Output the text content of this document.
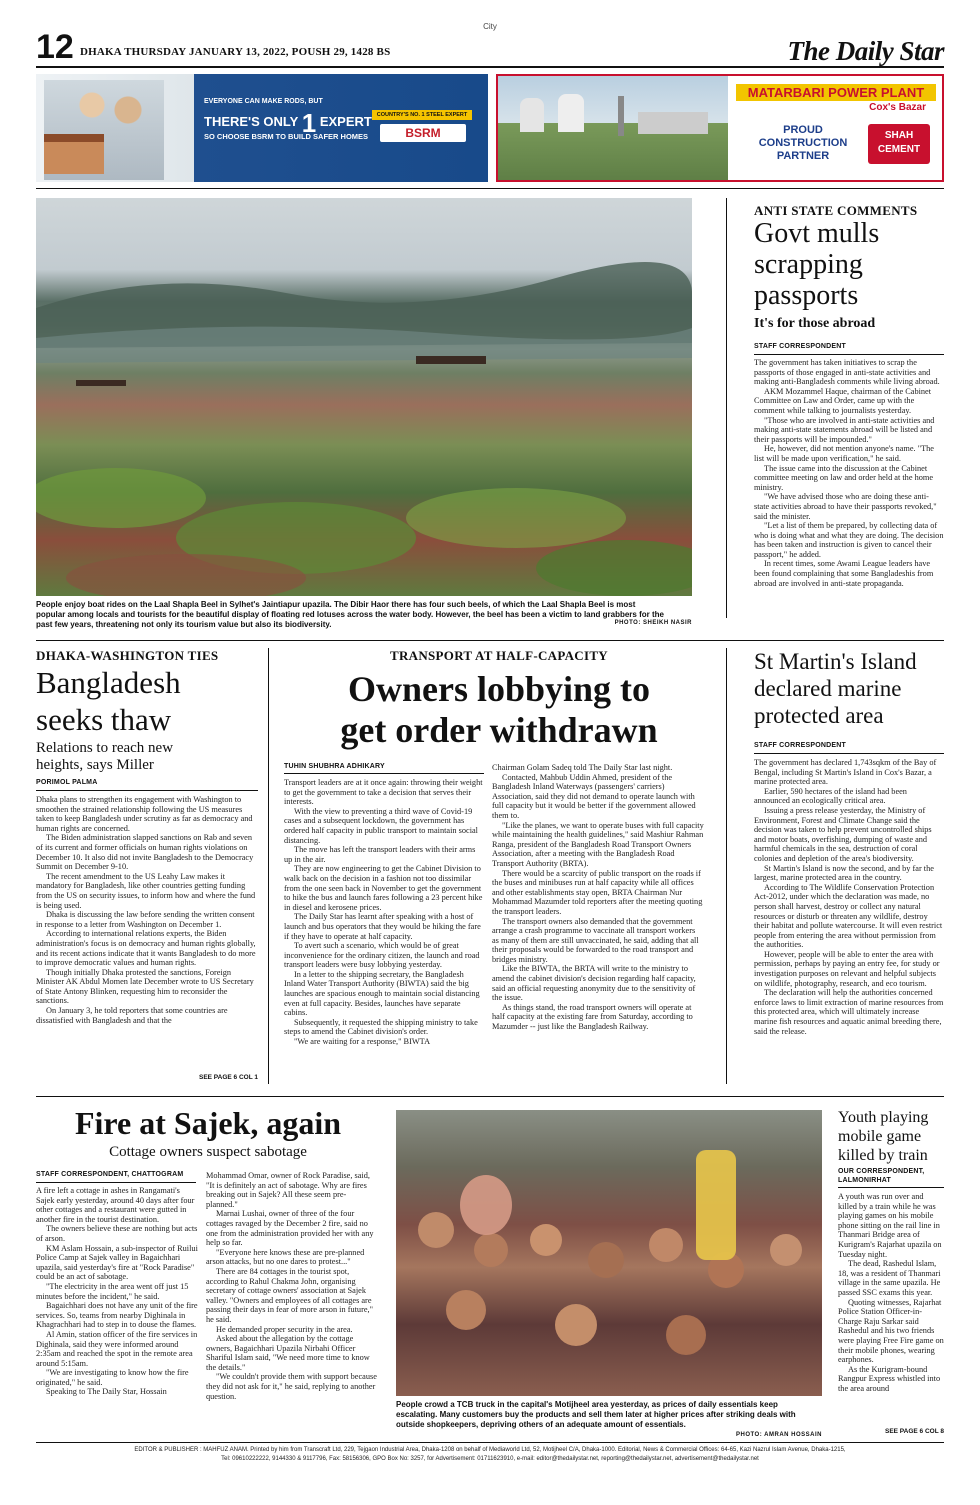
City
12 DHAKA THURSDAY JANUARY 13, 2022, POUSH 29, 1428 BS	The Daily Star
EVERYONE CAN MAKE RODS, BUT
THERE'S ONLY 1 EXPERT
SO CHOOSE BSRM TO BUILD SAFER HOMES
COUNTRY'S NO. 1 STEEL EXPERT
BSRM
MATARBARI POWER PLANT
Cox's Bazar
PROUD
CONSTRUCTION
PARTNER
SHAH
CEMENT
People enjoy boat rides on the Laal Shapla Beel in Sylhet's Jaintiapur upazila. The Dibir Haor there has four such beels, of which the Laal Shapla Beel is most popular among locals and tourists for the beautiful display of floating red lotuses across the water body. However, the beel has been a victim to land grabbers for the past few years, threatening not only its tourism value but also its biodiversity.	PHOTO: SHEIKH NASIR
ANTI STATE COMMENTS
Govt mulls
scrapping
passports
It's for those abroad
STAFF CORRESPONDENT

The government has taken initiatives to scrap the passports of those engaged in anti-state activities and making anti-Bangladesh comments while living abroad.

AKM Mozammel Haque, chairman of the Cabinet Committee on Law and Order, came up with the comment while talking to journalists yesterday.

"Those who are involved in anti-state activities and making anti-state statements abroad will be listed and their passports will be impounded."

He, however, did not mention anyone's name. "The list will be made upon verification," he said.

The issue came into the discussion at the Cabinet committee meeting on law and order held at the home ministry.

"We have advised those who are doing these anti-state activities abroad to have their passports revoked," said the minister.

"Let a list of them be prepared, by collecting data of who is doing what and what they are doing. The decision has been taken and instruction is given to cancel their passport," he added.

In recent times, some Awami League leaders have been found complaining that some Bangladeshis from abroad are involved in anti-state propaganda.

St Martin's Island
declared marine
protected area
STAFF CORRESPONDENT

The government has declared 1,743sqkm of the Bay of Bengal, including St Martin's Island in Cox's Bazar, a marine protected area.

Earlier, 590 hectares of the island had been announced an ecologically critical area.

Issuing a press release yesterday, the Ministry of Environment, Forest and Climate Change said the decision was taken to help prevent uncontrolled ships and motor boats, overfishing, dumping of waste and harmful chemicals in the sea, destruction of coral colonies and depletion of the area's biodiversity.

St Martin's Island is now the second, and by far the largest, marine protected area in the country.

According to The Wildlife Conservation Protection Act-2012, under which the declaration was made, no person shall harvest, destroy or collect any natural resources or disturb or threaten any wildlife, destroy their habitat and pollute watercourse. It will even restrict people from entering the area without permission from the authorities.

However, people will be able to enter the area with permission, perhaps by paying an entry fee, for study or investigation purposes on relevant and helpful subjects on wildlife, photography, research, and eco tourism.

The declaration will help the authorities concerned enforce laws to limit extraction of marine resources from this protected area, which will ultimately increase marine fish resources and aquatic animal breeding there, said the release.

DHAKA-WASHINGTON TIES
Bangladesh
seeks thaw
Relations to reach new
heights, says Miller
PORIMOL PALMA

Dhaka plans to strengthen its engagement with Washington to smoothen the strained relationship following the US measures taken to keep Bangladesh under scrutiny as far as democracy and human rights are concerned.

The Biden administration slapped sanctions on Rab and seven of its current and former officials on human rights violations on December 10. It also did not invite Bangladesh to the Democracy Summit on December 9-10.

The recent amendment to the US Leahy Law makes it mandatory for Bangladesh, like other countries getting funding from the US on security issues, to inform how and where the fund is being used.

Dhaka is discussing the law before sending the written consent in response to a letter from Washington on December 1.

According to international relations experts, the Biden administration's focus is on democracy and human rights globally, and its recent actions indicate that it wants Bangladesh to do more to improve democratic values and human rights.

Though initially Dhaka protested the sanctions, Foreign Minister AK Abdul Momen late December wrote to US Secretary of State Antony Blinken, requesting him to reconsider the sanctions.

On January 3, he told reporters that some countries are dissatisfied with Bangladesh and that the

SEE PAGE 6 COL 1
TRANSPORT AT HALF-CAPACITY
Owners lobbying to
get order withdrawn
TUHIN SHUBHRA ADHIKARY

Transport leaders are at it once again: throwing their weight to get the government to take a decision that serves their interests.

With the view to preventing a third wave of Covid-19 cases and a subsequent lockdown, the government has ordered half capacity in public transport to maintain social distancing.

The move has left the transport leaders with their arms up in the air.

They are now engineering to get the Cabinet Division to walk back on the decision in a fashion not too dissimilar from the one seen back in November to get the government to hike the bus and launch fares following a 23 percent hike in diesel and kerosene prices.

The Daily Star has learnt after speaking with a host of launch and bus operators that they would be hiking the fare if they have to operate at half capacity.

To avert such a scenario, which would be of great inconvenience for the ordinary citizen, the launch and road transport leaders were busy lobbying yesterday.

In a letter to the shipping secretary, the Bangladesh Inland Water Transport Authority (BIWTA) said the big launches are spacious enough to maintain social distancing even at full capacity. Besides, launches have separate cabins.

Subsequently, it requested the shipping ministry to take steps to amend the Cabinet division's order.

"We are waiting for a response," BIWTA

Chairman Golam Sadeq told The Daily Star last night.

Contacted, Mahbub Uddin Ahmed, president of the Bangladesh Inland Waterways (passengers' carriers) Association, said they did not demand to operate launch with full capacity but it would be better if the government allowed them to.

"Like the planes, we want to operate buses with full capacity while maintaining the health guidelines," said Mashiur Rahman Ranga, president of the Bangladesh Road Transport Owners Association, after a meeting with the Bangladesh Road Transport Authority (BRTA).

There would be a scarcity of public transport on the roads if the buses and minibuses run at half capacity while all offices and other establishments stay open, BRTA Chairman Nur Mohammad Mazumder told reporters after the meeting quoting the transport leaders.

The transport owners also demanded that the government arrange a crash programme to vaccinate all transport workers as many of them are still unvaccinated, he said, adding that all their proposals would be forwarded to the road transport and bridges ministry.

Like the BIWTA, the BRTA will write to the ministry to amend the cabinet division's decision regarding half capacity, said an official requesting anonymity due to the sensitivity of the issue.

As things stand, the road transport owners will operate at half capacity at the existing fare from Saturday, according to Mazumder -- just like the Bangladesh Railway.

Fire at Sajek, again
Cottage owners suspect sabotage
STAFF CORRESPONDENT, CHATTOGRAM

A fire left a cottage in ashes in Rangamati's Sajek early yesterday, around 40 days after four other cottages and a restaurant were gutted in another fire in the tourist destination.

The owners believe these are nothing but acts of arson.

KM Aslam Hossain, a sub-inspector of Ruilui Police Camp at Sajek valley in Bagaichhari upazila, said yesterday's fire at "Rock Paradise" could be an act of sabotage.

"The electricity in the area went off just 15 minutes before the incident," he said.

Bagaichhari does not have any unit of the fire services. So, teams from nearby Dighinala in Khagrachhari had to step in to douse the flames.

Al Amin, station officer of the fire services in Dighinala, said they were informed around 2:35am and reached the spot in the remote area around 5:15am.

"We are investigating to know how the fire originated," he said.

Speaking to The Daily Star, Hossain

Mohammad Omar, owner of Rock Paradise, said, "It is definitely an act of sabotage. Why are fires breaking out in Sajek? All these seem pre-planned."

Marnai Lushai, owner of three of the four cottages ravaged by the December 2 fire, said no one from the administration provided her with any help so far.

"Everyone here knows these are pre-planned arson attacks, but no one dares to protest..."

There are 84 cottages in the tourist spot, according to Rahul Chakma John, organising secretary of cottage owners' association at Sajek valley. "Owners and employees of all cottages are passing their days in fear of more arson in future," he said.

He demanded proper security in the area.

Asked about the allegation by the cottage owners, Bagaichhari Upazila Nirbahi Officer Shariful Islam said, "We need more time to know the details."

"We couldn't provide them with support because they did not ask for it," he said, replying to another question.

People crowd a TCB truck in the capital's Motijheel area yesterday, as prices of daily essentials keep escalating. Many customers buy the products and sell them later at higher prices after striking deals with outside shopkeepers, depriving others of an adequate amount of essentials.
PHOTO: AMRAN HOSSAIN
Youth playing
mobile game
killed by train
OUR CORRESPONDENT,
LALMONIRHAT

A youth was run over and killed by a train while he was playing games on his mobile phone sitting on the rail line in Thanmari Bridge area of Kurigram's Rajarhat upazila on Tuesday night.

The dead, Rashedul Islam, 18, was a resident of Thanmari village in the same upazila. He passed SSC exams this year.

Quoting witnesses, Rajarhat Police Station Officer-in-Charge Raju Sarkar said Rashedul and his two friends were playing Free Fire game on their mobile phones, wearing earphones.

As the Kurigram-bound Rangpur Express whistled into the area around

SEE PAGE 6 COL 8
EDITOR & PUBLISHER : MAHFUZ ANAM. Printed by him from Transcraft Ltd, 229, Tejgaon Industrial Area, Dhaka-1208 on behalf of Mediaworld Ltd, 52, Motijheel C/A, Dhaka-1000. Editorial, News & Commercial Offices: 64-65, Kazi Nazrul Islam Avenue, Dhaka-1215,
Tel: 09610222222, 9144330 & 9117796, Fax: 58156306, GPO Box No: 3257, for Advertisement: 01711623910, e-mail: editor@thedailystar.net, reporting@thedailystar.net, advertisement@thedailystar.net
